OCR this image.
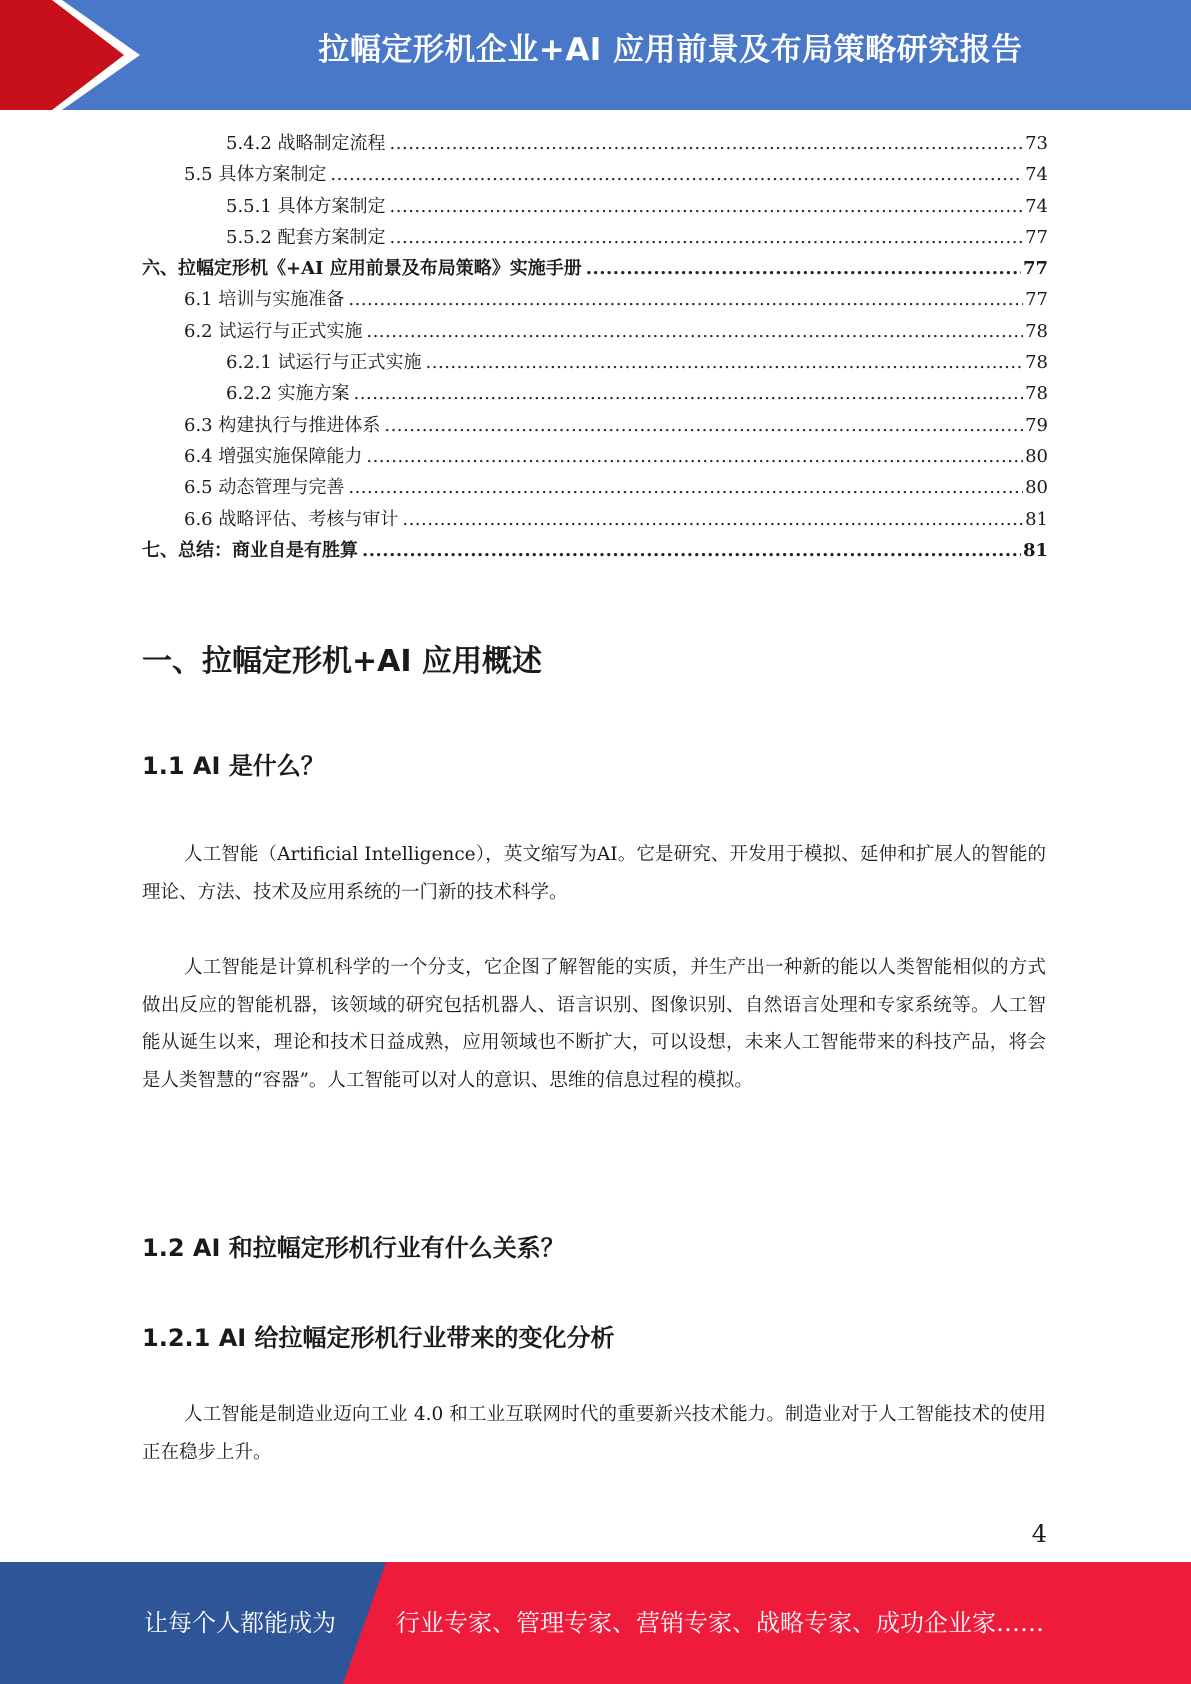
拉幅定形机企业+AI 应用前景及布局策略研究报告
5.4.2 战略制定流程 .....	73
5.5 具体方案制定 .....	74
5.5.1 具体方案制定 .....	74
5.5.2 配套方案制定 .....	77
六、拉幅定形机《+AI 应用前景及布局策略》实施手册 .....	77
6.1 培训与实施准备 .....	77
6.2 试运行与正式实施 .....	78
6.2.1 试运行与正式实施 .....	78
6.2.2 实施方案 .....	78
6.3 构建执行与推进体系 .....	79
6.4 增强实施保障能力 .....	80
6.5 动态管理与完善 .....	80
6.6 战略评估、考核与审计 .....	81
七、总结：商业自是有胜算 .....	81
一、拉幅定形机+AI 应用概述
1.1 AI 是什么？
人工智能（Artificial Intelligence），英文缩写为AI。它是研究、开发用于模拟、延伸和扩展人的智能的理论、方法、技术及应用系统的一门新的技术科学。
人工智能是计算机科学的一个分支，它企图了解智能的实质，并生产出一种新的能以人类智能相似的方式做出反应的智能机器，该领域的研究包括机器人、语言识别、图像识别、自然语言处理和专家系统等。人工智能从诞生以来，理论和技术日益成熟，应用领域也不断扩大，可以设想，未来人工智能带来的科技产品，将会是人类智慧的“容器”。人工智能可以对人的意识、思维的信息过程的模拟。
1.2 AI 和拉幅定形机行业有什么关系？
1.2.1 AI 给拉幅定形机行业带来的变化分析
人工智能是制造业迈向工业 4.0 和工业互联网时代的重要新兴技术能力。制造业对于人工智能技术的使用正在稳步上升。
4
让每个人都能成为	行业专家、管理专家、营销专家、战略专家、成功企业家……
